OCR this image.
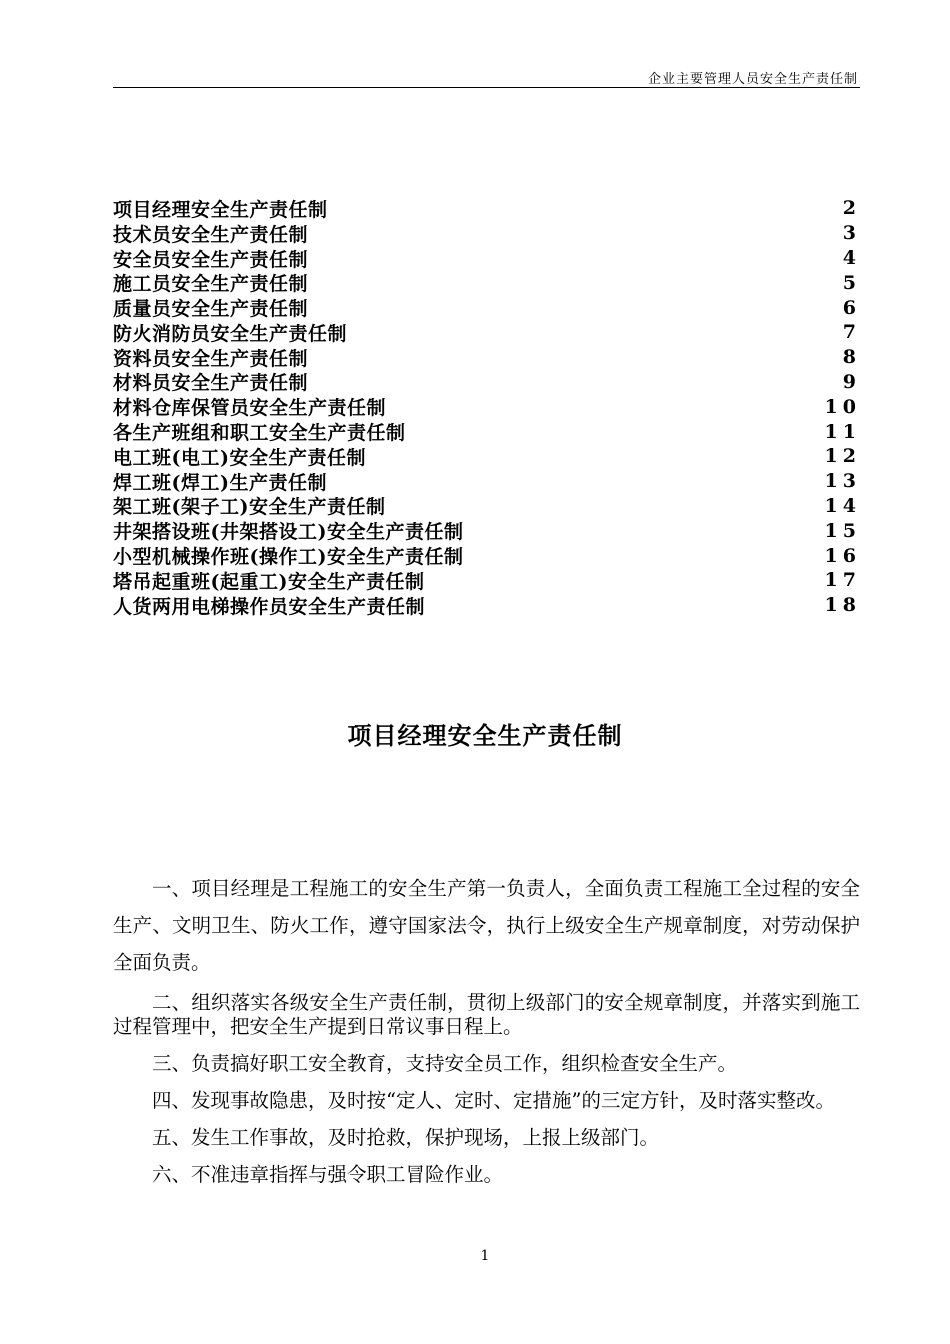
企业主要管理人员安全生产责任制
项目经理安全生产责任制	2
技术员安全生产责任制	3
安全员安全生产责任制	4
施工员安全生产责任制	5
质量员安全生产责任制	6
防火消防员安全生产责任制	7
资料员安全生产责任制	8
材料员安全生产责任制	9
材料仓库保管员安全生产责任制	10
各生产班组和职工安全生产责任制	11
电工班(电工)安全生产责任制	12
焊工班(焊工)生产责任制	13
架工班(架子工)安全生产责任制	14
井架搭设班(井架搭设工)安全生产责任制	15
小型机械操作班(操作工)安全生产责任制	16
塔吊起重班(起重工)安全生产责任制	17
人货两用电梯操作员安全生产责任制	18
项目经理安全生产责任制

一、项目经理是工程施工的安全生产第一负责人，全面负责工程施工全过程的安全生产、文明卫生、防火工作，遵守国家法令，执行上级安全生产规章制度，对劳动保护全面负责。

二、组织落实各级安全生产责任制，贯彻上级部门的安全规章制度，并落实到施工过程管理中，把安全生产提到日常议事日程上。

三、负责搞好职工安全教育，支持安全员工作，组织检查安全生产。

四、发现事故隐患，及时按“定人、定时、定措施”的三定方针，及时落实整改。

五、发生工作事故，及时抢救，保护现场，上报上级部门。

六、不准违章指挥与强令职工冒险作业。

1
